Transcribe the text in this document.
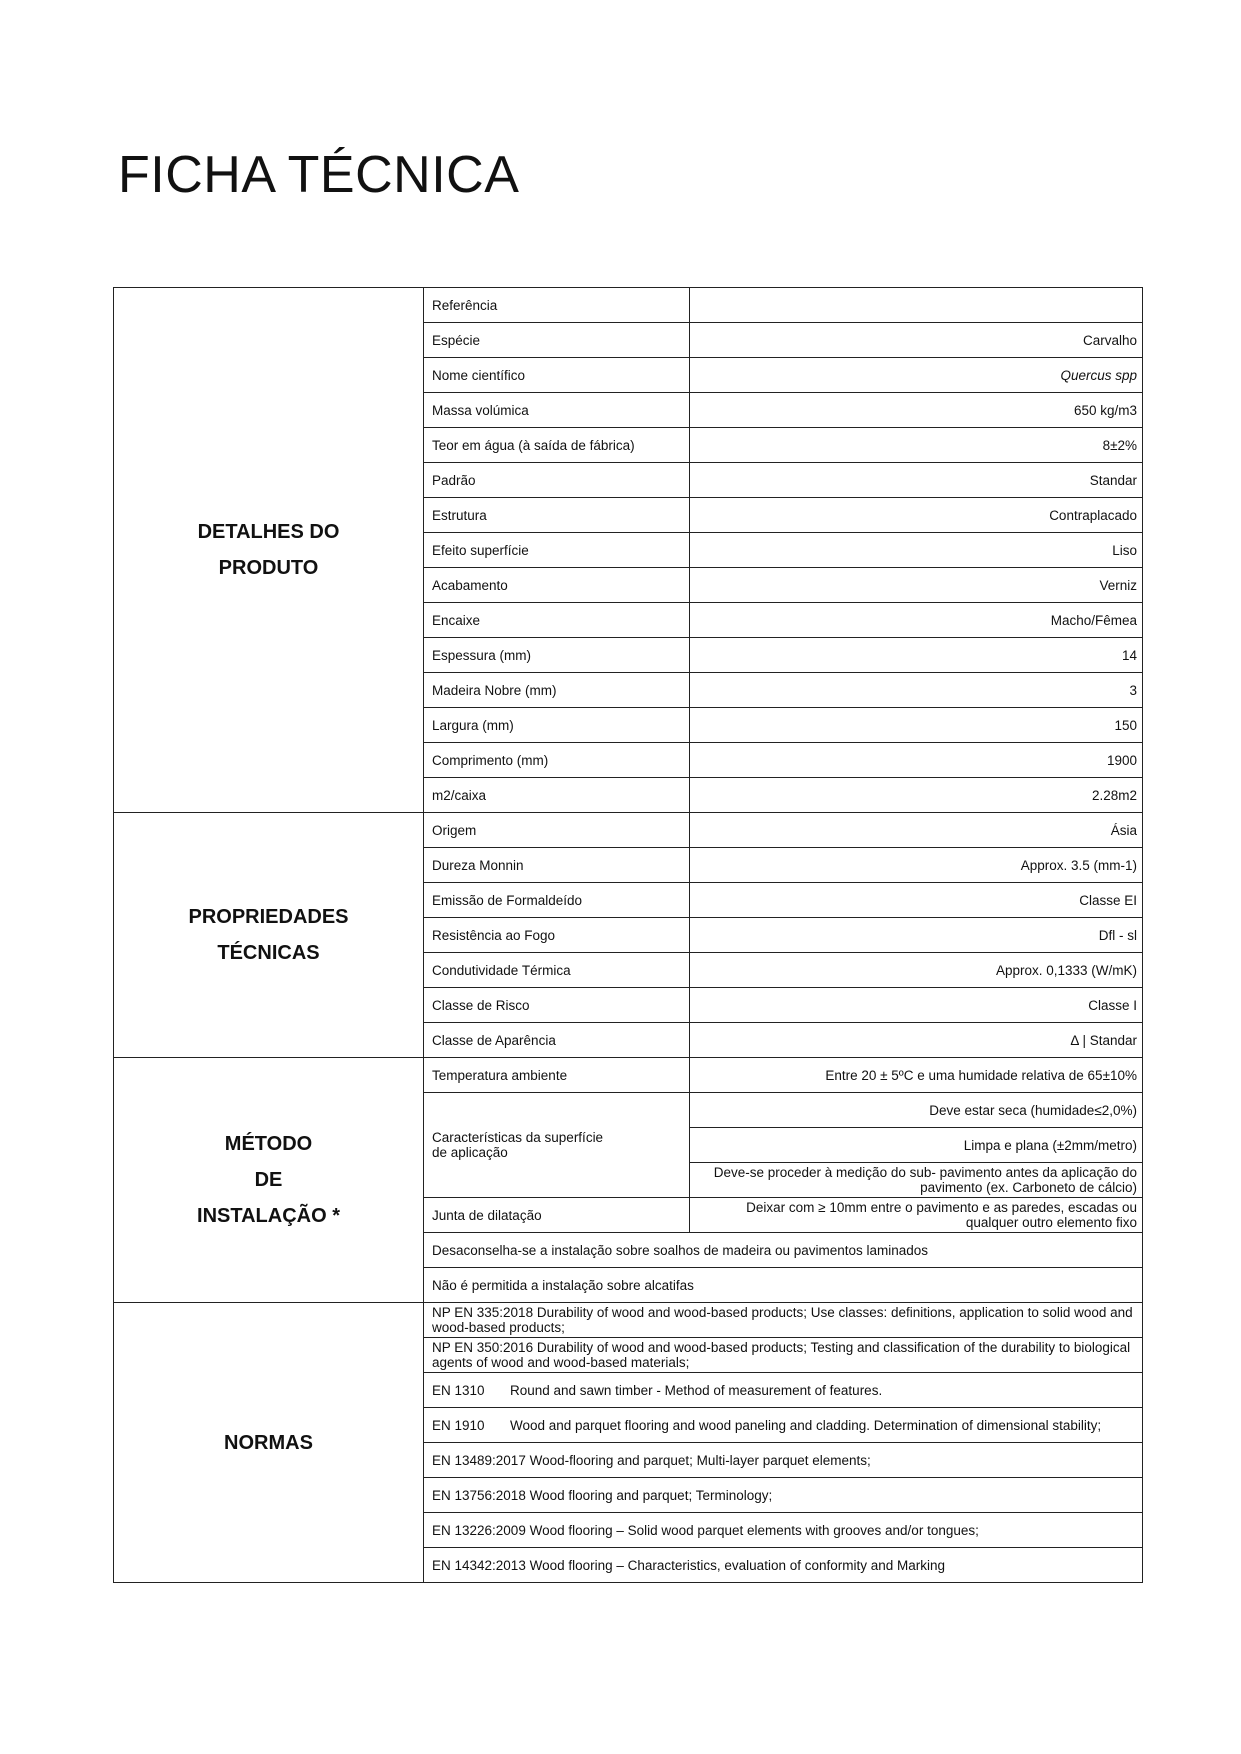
FICHA TÉCNICA
DETALHES DO
PRODUTO	Referência	
	Espécie	Carvalho
	Nome científico	Quercus spp
	Massa volúmica	650 kg/m3
	Teor em água (à saída de fábrica)	8±2%
	Padrão	Standar
	Estrutura	Contraplacado
	Efeito superfície	Liso
	Acabamento	Verniz
	Encaixe	Macho/Fêmea
	Espessura (mm)	14
	Madeira Nobre (mm)	3
	Largura (mm)	150
	Comprimento (mm)	1900
	m2/caixa	2.28m2
PROPRIEDADES
TÉCNICAS	Origem	Ásia
	Dureza Monnin	Approx. 3.5 (mm-1)
	Emissão de Formaldeído	Classe EI
	Resistência ao Fogo	Dfl - sl
	Condutividade Térmica	Approx. 0,1333 (W/mK)
	Classe de Risco	Classe I
	Classe de Aparência	Δ | Standar
MÉTODO
DE
INSTALAÇÃO *	Temperatura ambiente	Entre 20 ± 5ºC e uma humidade relativa de 65±10%
	Características da superfície
de aplicação	Deve estar seca (humidade≤2,0%)
		Limpa e plana (±2mm/metro)
		Deve-se proceder à medição do sub- pavimento antes da aplicação do pavimento (ex. Carboneto de cálcio)
	Junta de dilatação	Deixar com ≥ 10mm entre o pavimento e as paredes, escadas ou qualquer outro elemento fixo
	Desaconselha-se a instalação sobre soalhos de madeira ou pavimentos laminados	
	Não é permitida a instalação sobre alcatifas	
NORMAS	NP EN 335:2018 Durability of wood and wood-based products; Use classes: definitions, application to solid wood and wood-based products;	
	NP EN 350:2016 Durability of wood and wood-based products; Testing and classification of the durability to biological agents of wood and wood-based materials;	
	EN 1310 Round and sawn timber - Method of measurement of features.	
	EN 1910 Wood and parquet flooring and wood paneling and cladding. Determination of dimensional stability;	
	EN 13489:2017 Wood-flooring and parquet; Multi-layer parquet elements;	
	EN 13756:2018 Wood flooring and parquet; Terminology;	
	EN 13226:2009 Wood flooring – Solid wood parquet elements with grooves and/or tongues;	
	EN 14342:2013 Wood flooring – Characteristics, evaluation of conformity and Marking	
